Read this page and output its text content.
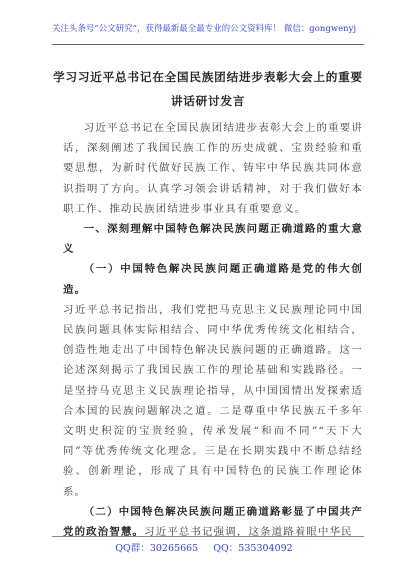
关注头条号“公文研究”，获得最新最全最专业的公文资料库！ 微信：gongwenyj
学习习近平总书记在全国民族团结进步表彰大会上的重要
讲话研讨发言

习近平总书记在全国民族团结进步表彰大会上的重要讲话，深刻阐述了我国民族工作的历史成就、宝贵经验和重要思想，为新时代做好民族工作、铸牢中华民族共同体意识指明了方向。认真学习领会讲话精神，对于我们做好本职工作、推动民族团结进步事业具有重要意义。

一、深刻理解中国特色解决民族问题正确道路的重大意义

（一）中国特色解决民族问题正确道路是党的伟大创造。

习近平总书记指出，我们党把马克思主义民族理论同中国民族问题具体实际相结合、同中华优秀传统文化相结合，创造性地走出了中国特色解决民族问题的正确道路。这一论述深刻揭示了我国民族工作的理论基础和实践路径。一是坚持马克思主义民族理论指导，从中国国情出发探索适合本国的民族问题解决之道。二是尊重中华民族五千多年文明史积淀的宝贵经验，传承发展“和而不同”“天下大同”等优秀传统文化理念。三是在长期实践中不断总结经验、创新理论，形成了具有中国特色的民族工作理论体系。

（二）中国特色解决民族问题正确道路彰显了中国共产党的政治智慧。习近平总书记强调，这条道路着眼中华民

QQ群：30265665 QQ：535304092
